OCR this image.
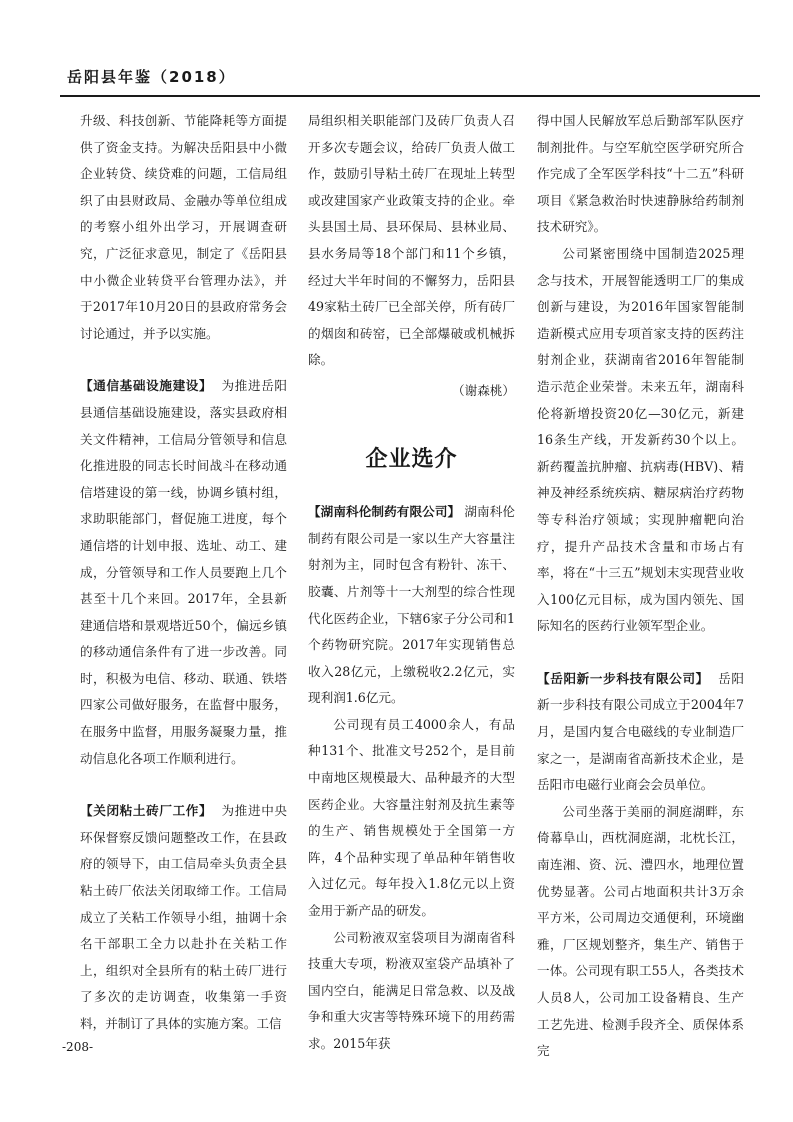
岳阳县年鉴（2018）

升级、科技创新、节能降耗等方面提供了资金支持。为解决岳阳县中小微企业转贷、续贷难的问题，工信局组织了由县财政局、金融办等单位组成的考察小组外出学习，开展调查研究，广泛征求意见，制定了《岳阳县中小微企业转贷平台管理办法》，并于2017年10月20日的县政府常务会讨论通过，并予以实施。

【通信基础设施建设】 为推进岳阳县通信基础设施建设，落实县政府相关文件精神，工信局分管领导和信息化推进股的同志长时间战斗在移动通信塔建设的第一线，协调乡镇村组，求助职能部门，督促施工进度，每个通信塔的计划申报、选址、动工、建成，分管领导和工作人员要跑上几个甚至十几个来回。2017年，全县新建通信塔和景观塔近50个，偏远乡镇的移动通信条件有了进一步改善。同时，积极为电信、移动、联通、铁塔四家公司做好服务，在监督中服务，在服务中监督，用服务凝聚力量，推动信息化各项工作顺利进行。

【关闭粘土砖厂工作】 为推进中央环保督察反馈问题整改工作，在县政府的领导下，由工信局牵头负责全县粘土砖厂依法关闭取缔工作。工信局成立了关粘工作领导小组，抽调十余名干部职工全力以赴扑在关粘工作上，组织对全县所有的粘土砖厂进行了多次的走访调查，收集第一手资料，并制订了具体的实施方案。工信

局组织相关职能部门及砖厂负责人召开多次专题会议，给砖厂负责人做工作，鼓励引导粘土砖厂在现址上转型或改建国家产业政策支持的企业。牵头县国土局、县环保局、县林业局、县水务局等18个部门和11个乡镇，经过大半年时间的不懈努力，岳阳县49家粘土砖厂已全部关停，所有砖厂的烟囱和砖窑，已全部爆破或机械拆除。

（谢森桃）

企业选介

【湖南科伦制药有限公司】 湖南科伦制药有限公司是一家以生产大容量注射剂为主，同时包含有粉针、冻干、胶囊、片剂等十一大剂型的综合性现代化医药企业，下辖6家子分公司和1个药物研究院。2017年实现销售总收入28亿元，上缴税收2.2亿元，实现利润1.6亿元。

公司现有员工4000余人，有品种131个、批准文号252个，是目前中南地区规模最大、品种最齐的大型医药企业。大容量注射剂及抗生素等的生产、销售规模处于全国第一方阵，4个品种实现了单品种年销售收入过亿元。每年投入1.8亿元以上资金用于新产品的研发。

公司粉液双室袋项目为湖南省科技重大专项，粉液双室袋产品填补了国内空白，能满足日常急救、以及战争和重大灾害等特殊环境下的用药需求。2015年获

得中国人民解放军总后勤部军队医疗制剂批件。与空军航空医学研究所合作完成了全军医学科技“十二五”科研项目《紧急救治时快速静脉给药制剂技术研究》。

公司紧密围绕中国制造2025理念与技术，开展智能透明工厂的集成创新与建设，为2016年国家智能制造新模式应用专项首家支持的医药注射剂企业，获湖南省2016年智能制造示范企业荣誉。未来五年，湖南科伦将新增投资20亿—30亿元，新建16条生产线，开发新药30个以上。新药覆盖抗肿瘤、抗病毒(HBV)、精神及神经系统疾病、糖尿病治疗药物等专科治疗领域；实现肿瘤靶向治疗，提升产品技术含量和市场占有率，将在“十三五”规划末实现营业收入100亿元目标，成为国内领先、国际知名的医药行业领军型企业。

【岳阳新一步科技有限公司】 岳阳新一步科技有限公司成立于2004年7月，是国内复合电磁线的专业制造厂家之一，是湖南省高新技术企业，是岳阳市电磁行业商会会员单位。

公司坐落于美丽的洞庭湖畔，东倚幕阜山，西枕洞庭湖，北枕长江，南连湘、资、沅、澧四水，地理位置优势显著。公司占地面积共计3万余平方米，公司周边交通便利，环境幽雅，厂区规划整齐，集生产、销售于一体。公司现有职工55人，各类技术人员8人，公司加工设备精良、生产工艺先进、检测手段齐全、质保体系完

-208-
